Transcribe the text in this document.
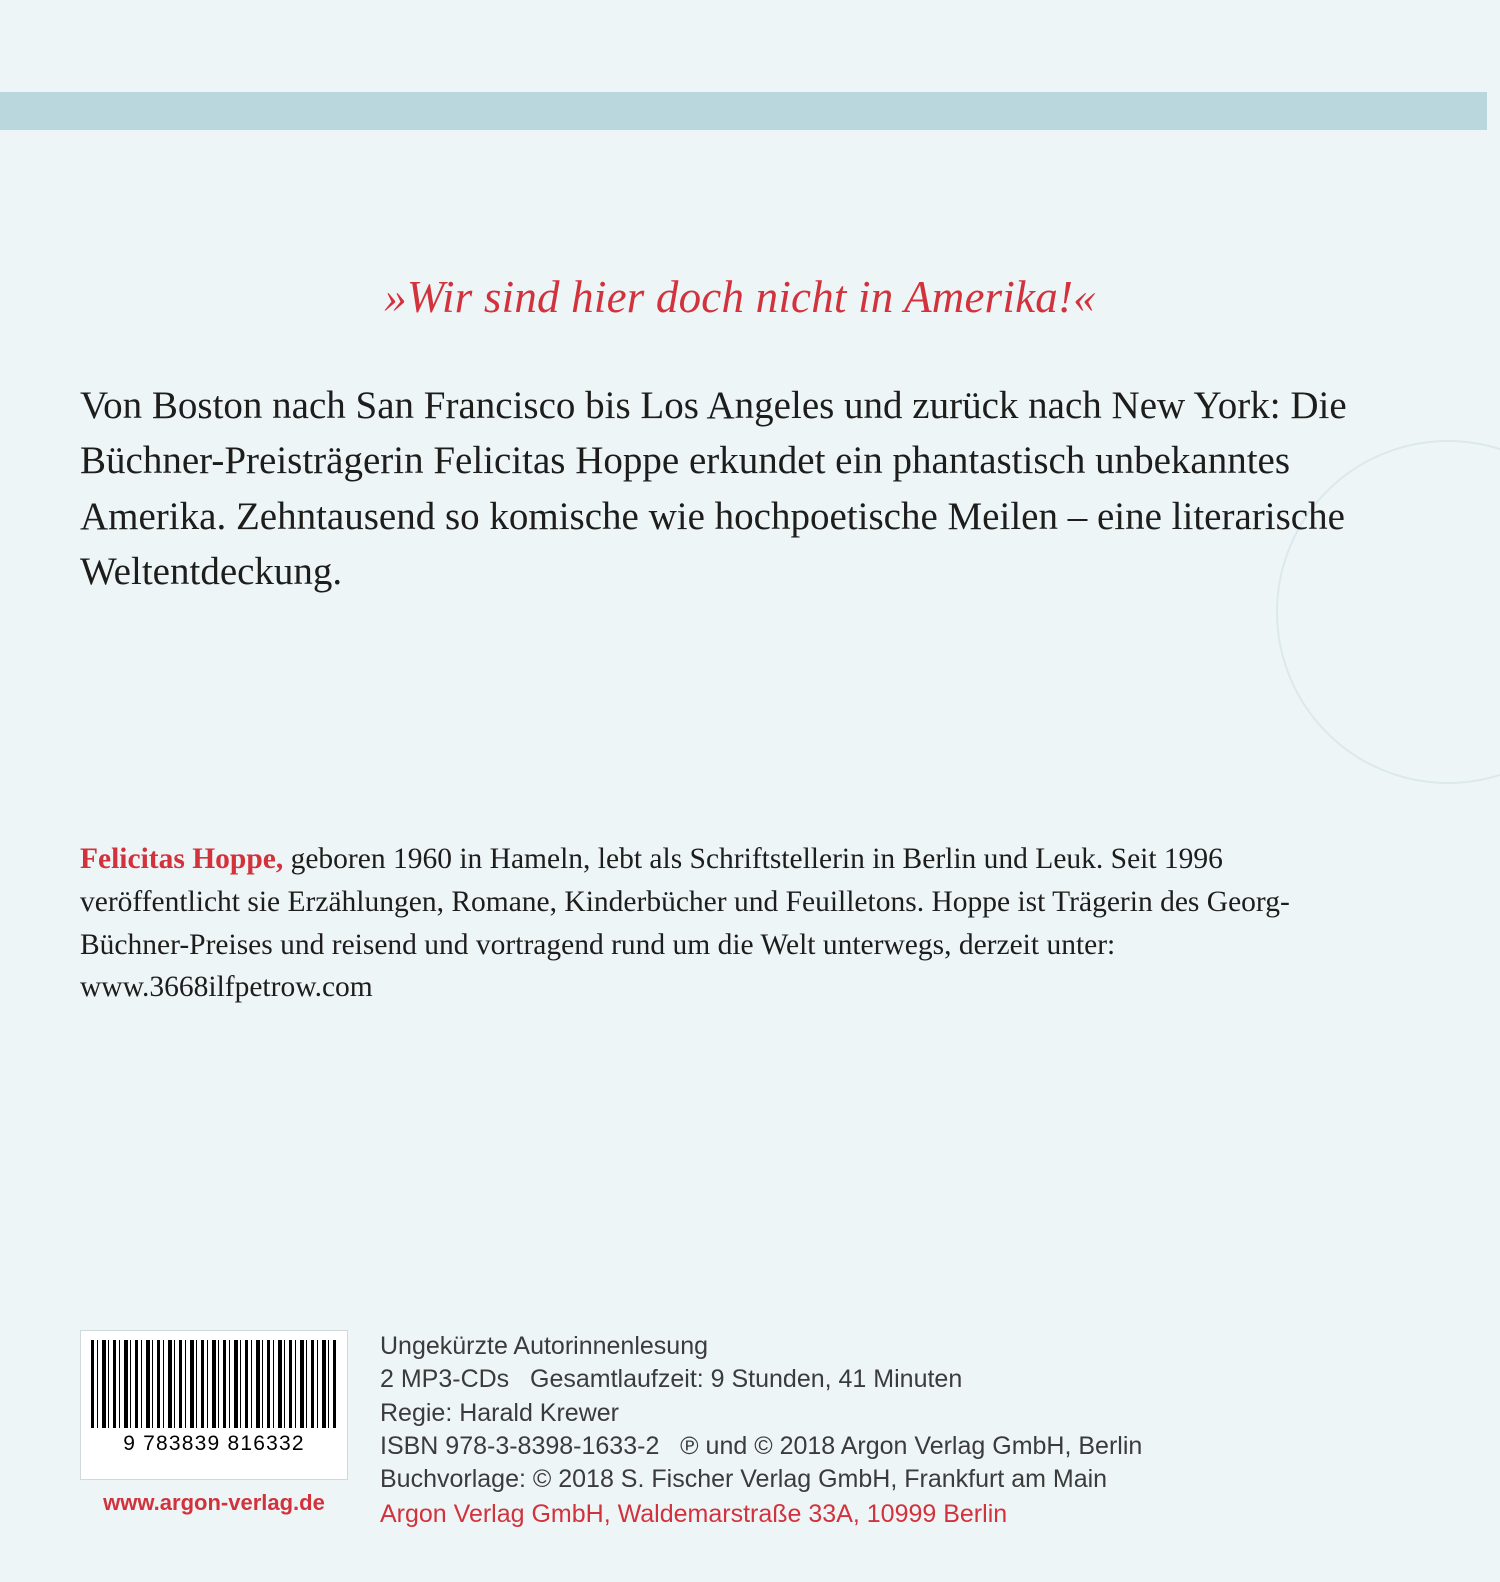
»Wir sind hier doch nicht in Amerika!«
Von Boston nach San Francisco bis Los Angeles und zurück nach New York: Die Büchner-Preisträgerin Felicitas Hoppe erkundet ein phantastisch unbekanntes Amerika. Zehntausend so komische wie hochpoetische Meilen – eine literarische Weltentdeckung.
Felicitas Hoppe, geboren 1960 in Hameln, lebt als Schriftstellerin in Berlin und Leuk. Seit 1996 veröffentlicht sie Erzählungen, Romane, Kinderbücher und Feuilletons. Hoppe ist Trägerin des Georg-Büchner-Preises und reisend und vortragend rund um die Welt unterwegs, derzeit unter: www.3668ilfpetrow.com
9 783839 816332
www.argon-verlag.de
Ungekürzte Autorinnenlesung
2 MP3-CDs   Gesamtlaufzeit: 9 Stunden, 41 Minuten
Regie: Harald Krewer
ISBN 978-3-8398-1633-2   ℗ und © 2018 Argon Verlag GmbH, Berlin
Buchvorlage: © 2018 S. Fischer Verlag GmbH, Frankfurt am Main
Argon Verlag GmbH, Waldemarstraße 33A, 10999 Berlin
